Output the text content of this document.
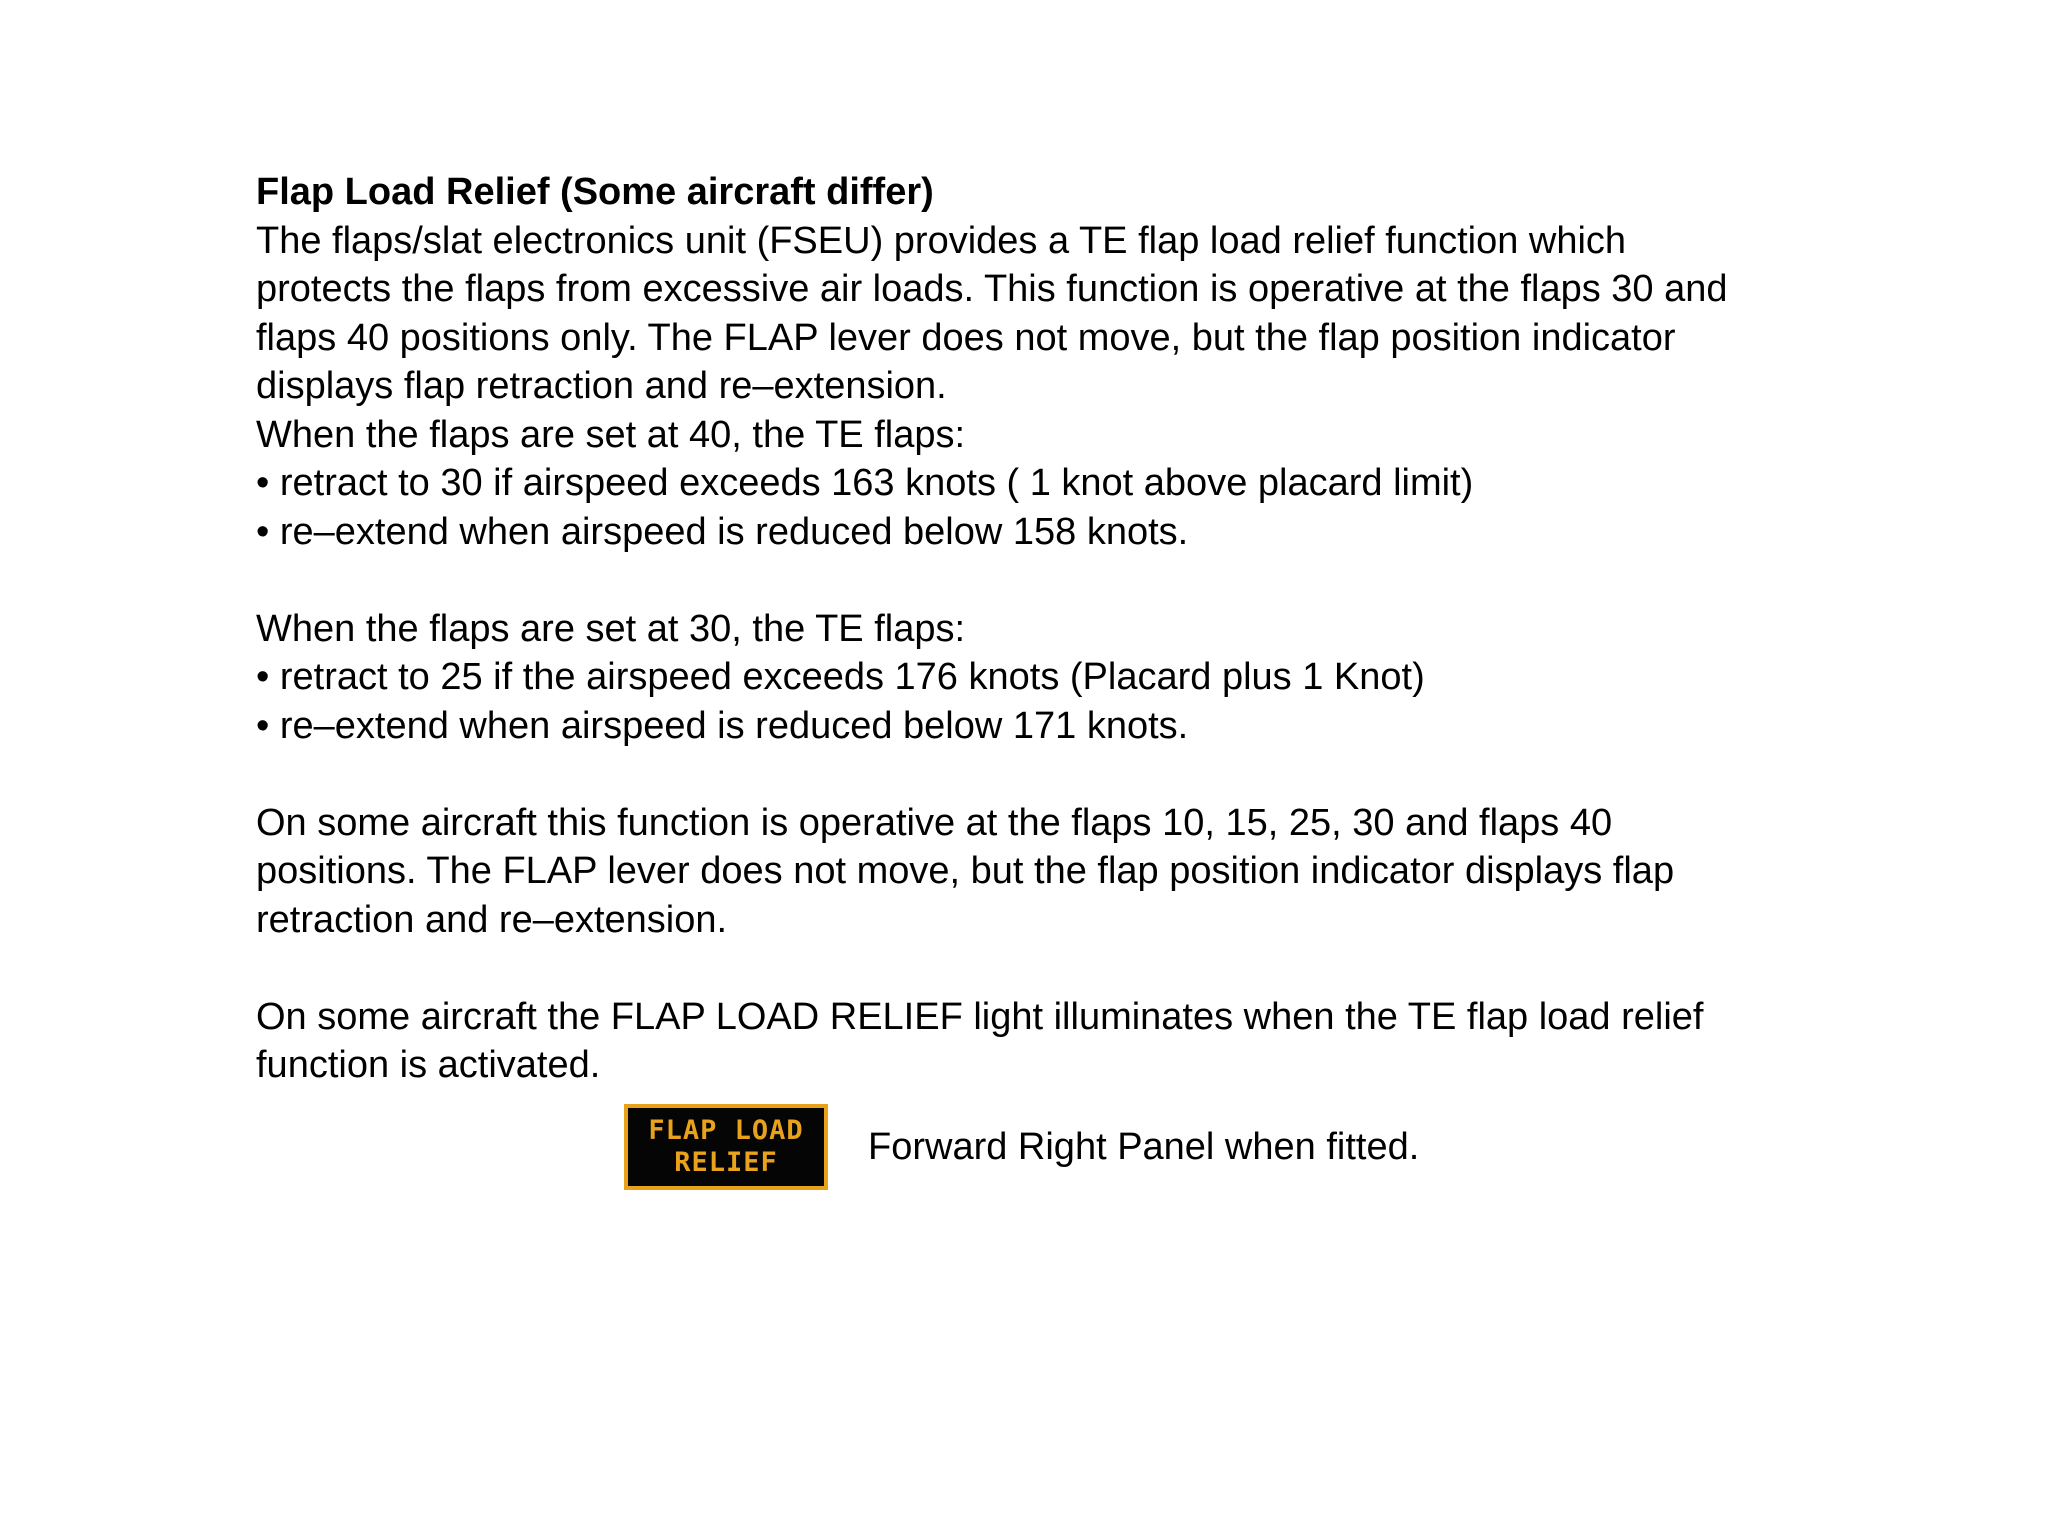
Flap Load Relief (Some aircraft differ)

The flaps/slat electronics unit (FSEU) provides a TE flap load relief function which

protects the flaps from excessive air loads. This function is operative at the flaps 30 and

flaps 40 positions only. The FLAP lever does not move, but the flap position indicator

displays flap retraction and re–extension.

When the flaps are set at 40, the TE flaps:

• retract to 30 if airspeed exceeds 163 knots ( 1 knot above placard limit)

• re–extend when airspeed is reduced below 158 knots.

When the flaps are set at 30, the TE flaps:

• retract to 25 if the airspeed exceeds 176 knots (Placard plus 1 Knot)

• re–extend when airspeed is reduced below 171 knots.

On some aircraft this function is operative at the flaps 10, 15, 25, 30 and flaps 40

positions. The FLAP lever does not move, but the flap position indicator displays flap

retraction and re–extension.

On some aircraft the FLAP LOAD RELIEF light illuminates when the TE flap load relief

function is activated.

FLAP LOAD
RELIEF Forward Right Panel when fitted.
